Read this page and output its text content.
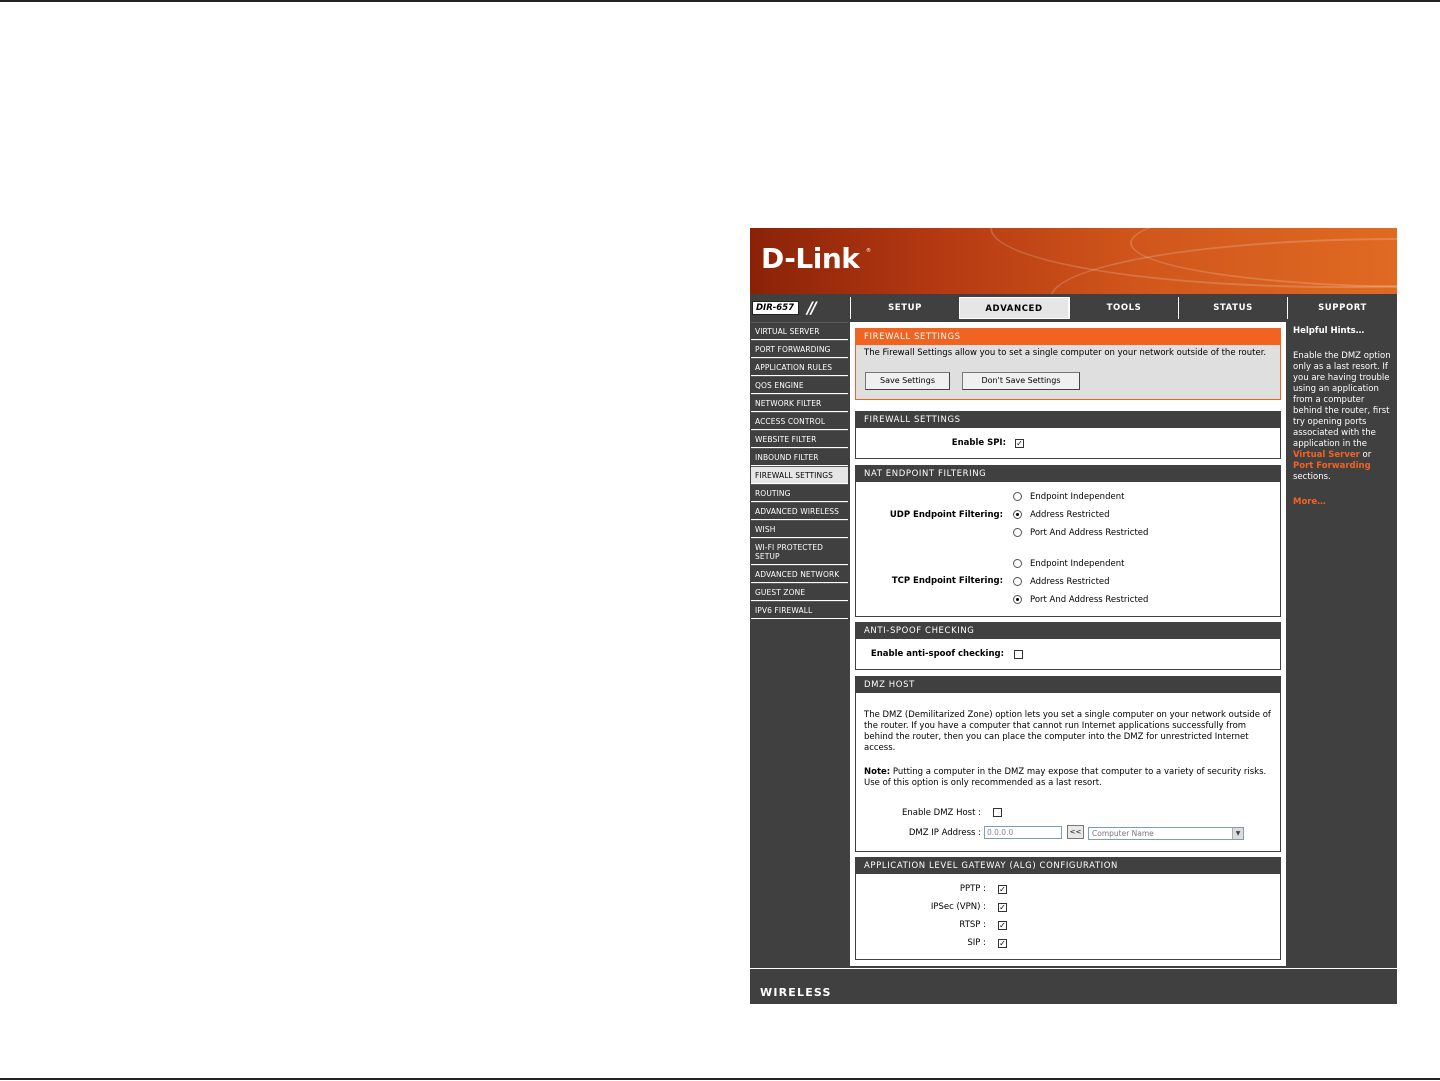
D-Link ®
DIR-657 //	SETUP	ADVANCED	TOOLS	STATUS	SUPPORT
VIRTUAL SERVER
PORT FORWARDING
APPLICATION RULES
QOS ENGINE
NETWORK FILTER
ACCESS CONTROL
WEBSITE FILTER
INBOUND FILTER
FIREWALL SETTINGS
ROUTING
ADVANCED WIRELESS
WISH
WI-FI PROTECTED SETUP
ADVANCED NETWORK
GUEST ZONE
IPV6 FIREWALL
FIREWALL SETTINGS
The Firewall Settings allow you to set a single computer on your network outside of the router.
Save Settings	Don't Save Settings
FIREWALL SETTINGS
Enable SPI: ✓
NAT ENDPOINT FILTERING
UDP Endpoint Filtering:
Endpoint Independent
Address Restricted
Port And Address Restricted
TCP Endpoint Filtering:
Endpoint Independent
Address Restricted
Port And Address Restricted
ANTI-SPOOF CHECKING
Enable anti-spoof checking:
DMZ HOST
The DMZ (Demilitarized Zone) option lets you set a single computer on your network outside of the router. If you have a computer that cannot run Internet applications successfully from behind the router, then you can place the computer into the DMZ for unrestricted Internet access.
Note: Putting a computer in the DMZ may expose that computer to a variety of security risks. Use of this option is only recommended as a last resort.
Enable DMZ Host :
DMZ IP Address : 0.0.0.0	<<	Computer Name	▼
APPLICATION LEVEL GATEWAY (ALG) CONFIGURATION
PPTP : ✓
IPSec (VPN) : ✓
RTSP : ✓
SIP : ✓
Helpful Hints…
Enable the DMZ option only as a last resort. If you are having trouble using an application from a computer behind the router, first try opening ports associated with the application in the Virtual Server or Port Forwarding sections.
More…
WIRELESS
